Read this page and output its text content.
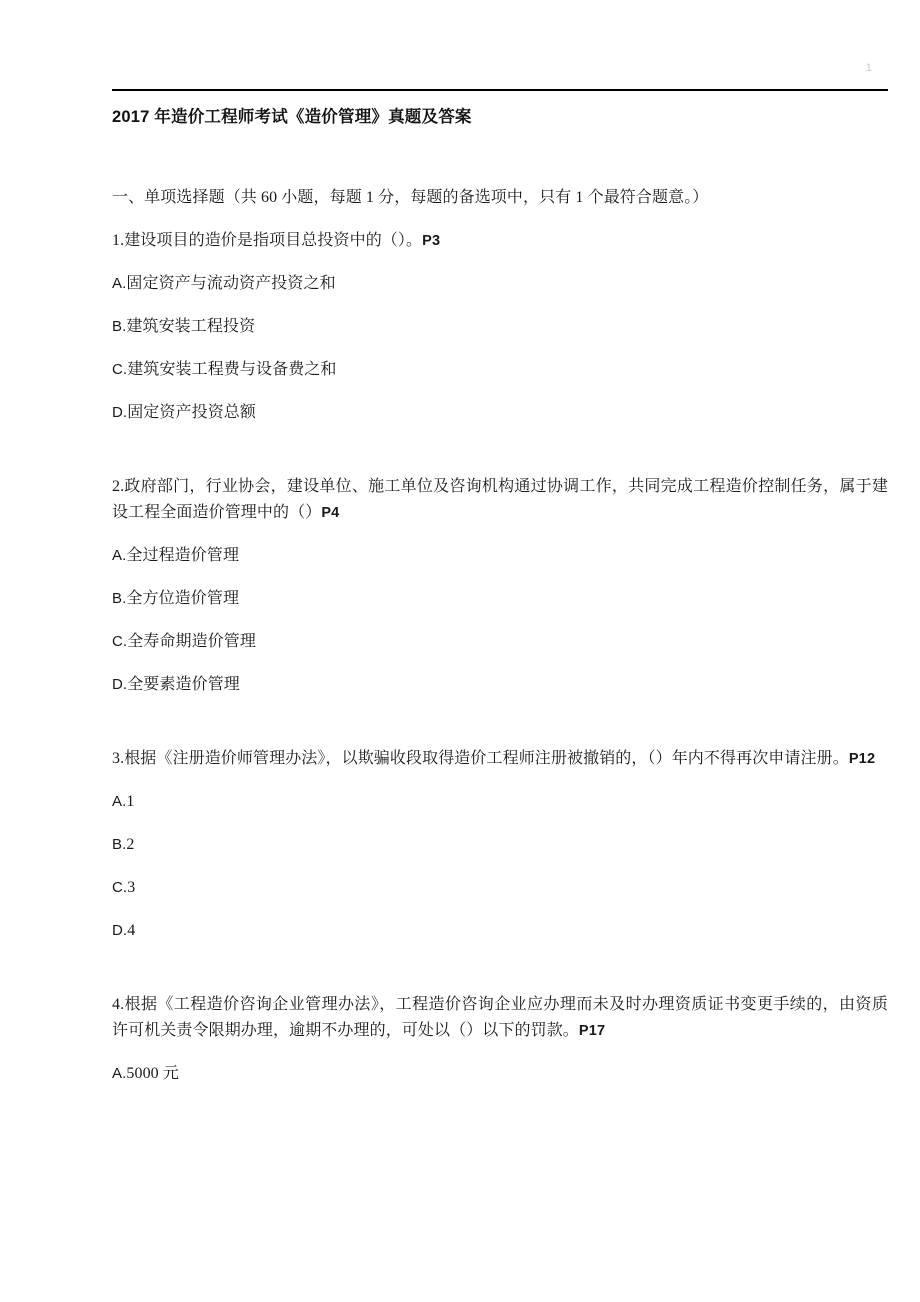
1
2017 年造价工程师考试《造价管理》真题及答案

一、单项选择题（共 60 小题，每题 1 分，每题的备选项中，只有 1 个最符合题意。）

1.建设项目的造价是指项目总投资中的（）。P3

A.固定资产与流动资产投资之和
B.建筑安装工程投资
C.建筑安装工程费与设备费之和
D.固定资产投资总额

2.政府部门，行业协会，建设单位、施工单位及咨询机构通过协调工作，共同完成工程造价控制任务，属于建设工程全面造价管理中的（）P4

A.全过程造价管理
B.全方位造价管理
C.全寿命期造价管理
D.全要素造价管理

3.根据《注册造价师管理办法》，以欺骗收段取得造价工程师注册被撤销的，（）年内不得再次申请注册。P12

A.1
B.2
C.3
D.4

4.根据《工程造价咨询企业管理办法》，工程造价咨询企业应办理而未及时办理资质证书变更手续的，由资质许可机关责令限期办理，逾期不办理的，可处以（）以下的罚款。P17

A.5000 元
